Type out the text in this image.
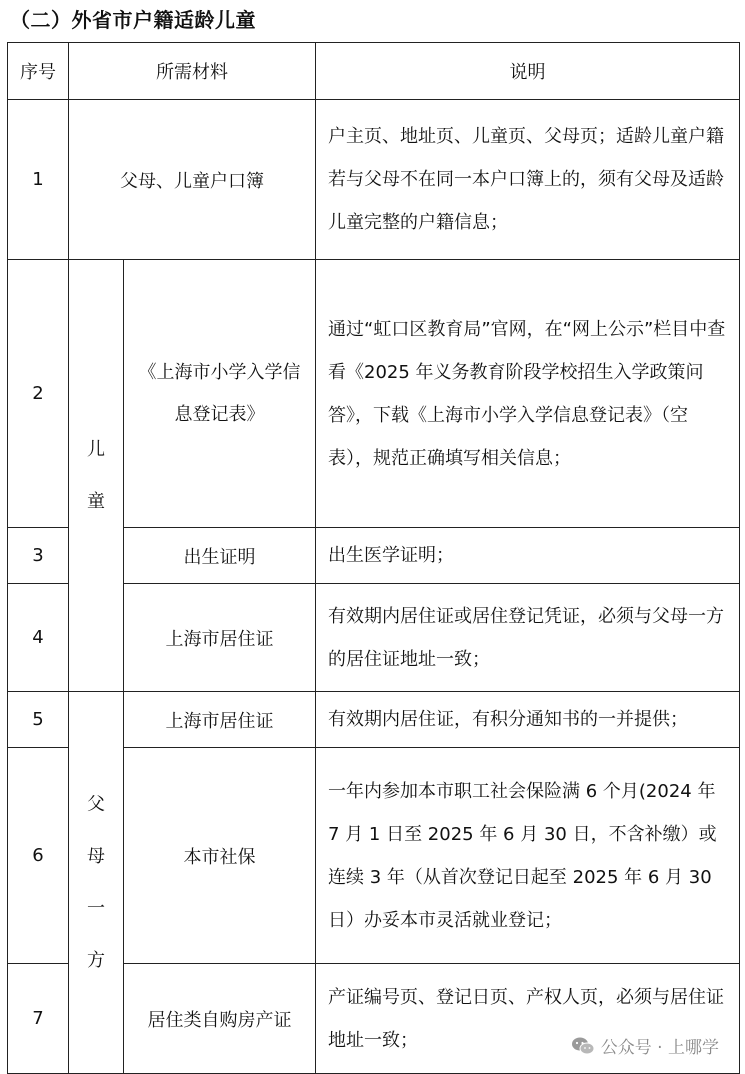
（二）外省市户籍适龄儿童
序号	所需材料		说明
1	父母、儿童户口簿		户主页、地址页、儿童页、父母页；适龄儿童户籍若与父母不在同一本户口簿上的，须有父母及适龄儿童完整的户籍信息；
2	儿童	《上海市小学入学信息登记表》	通过“虹口区教育局”官网，在“网上公示”栏目中查看《2025 年义务教育阶段学校招生入学政策问答》，下载《上海市小学入学信息登记表》（空表），规范正确填写相关信息；
3		出生证明	出生医学证明；
4		上海市居住证	有效期内居住证或居住登记凭证，必须与父母一方的居住证地址一致；
5	父母一方	上海市居住证	有效期内居住证，有积分通知书的一并提供；
6		本市社保	一年内参加本市职工社会保险满 6 个月(2024 年 7 月 1 日至 2025 年 6 月 30 日，不含补缴）或连续 3 年（从首次登记日起至 2025 年 6 月 30 日）办妥本市灵活就业登记；
7		居住类自购房产证	产证编号页、登记日页、产权人页，必须与居住证地址一致；	公众号 · 上哪学
